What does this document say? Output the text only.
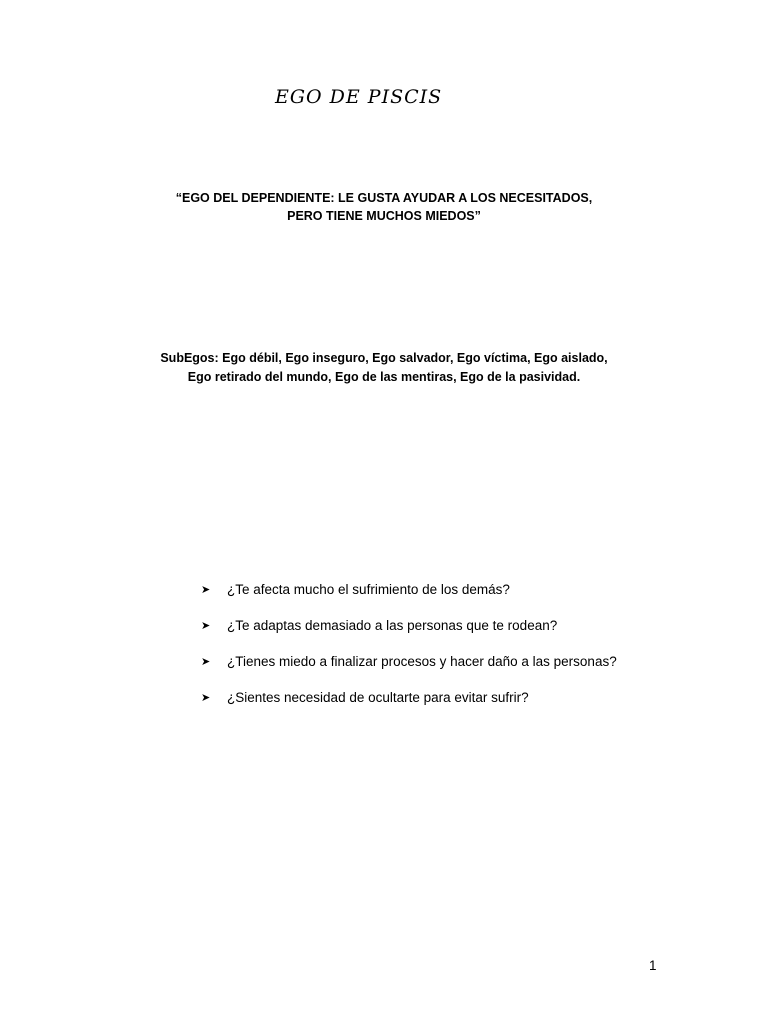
EGO DE PISCIS
“EGO DEL DEPENDIENTE: LE GUSTA AYUDAR A LOS NECESITADOS,
PERO TIENE MUCHOS MIEDOS”
SubEgos: Ego débil, Ego inseguro, Ego salvador, Ego víctima, Ego aislado,
Ego retirado del mundo, Ego de las mentiras, Ego de la pasividad.
➤	¿Te afecta mucho el sufrimiento de los demás?
➤	¿Te adaptas demasiado a las personas que te rodean?
➤	¿Tienes miedo a finalizar procesos y hacer daño a las personas?
➤	¿Sientes necesidad de ocultarte para evitar sufrir?
1
